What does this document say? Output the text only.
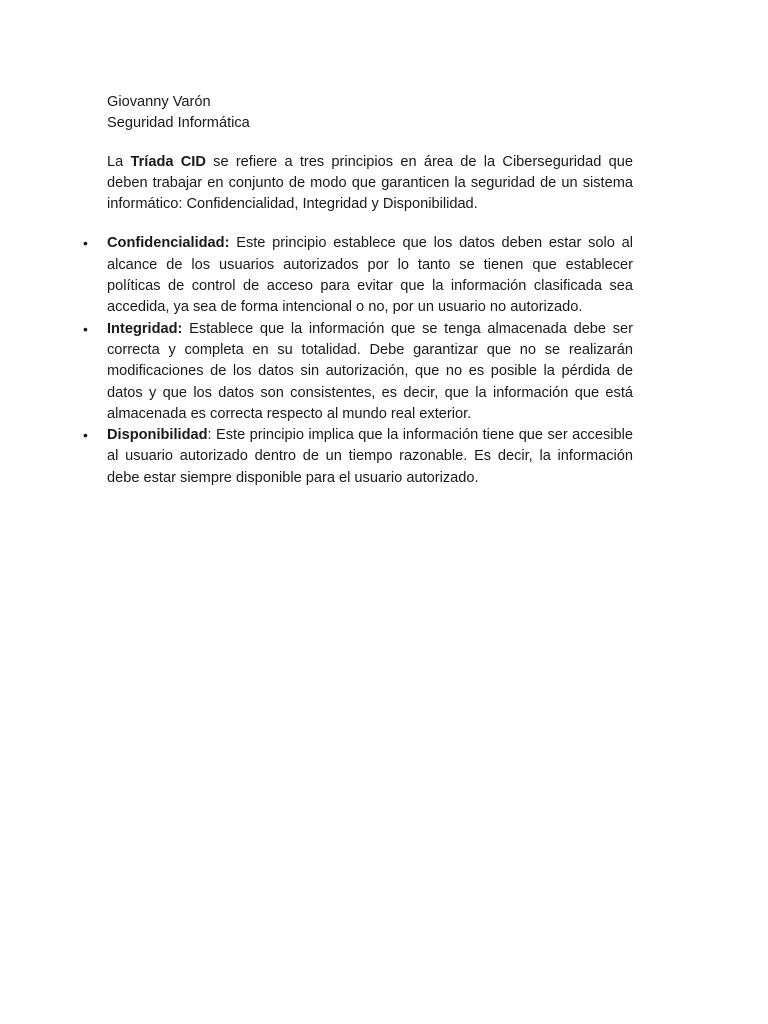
Giovanny Varón

Seguridad Informática

La Tríada CID se refiere a tres principios en área de la Ciberseguridad que deben trabajar en conjunto de modo que garanticen la seguridad de un sistema informático: Confidencialidad, Integridad y Disponibilidad.

• Confidencialidad: Este principio establece que los datos deben estar solo al alcance de los usuarios autorizados por lo tanto se tienen que establecer políticas de control de acceso para evitar que la información clasificada sea accedida, ya sea de forma intencional o no, por un usuario no autorizado.
• Integridad: Establece que la información que se tenga almacenada debe ser correcta y completa en su totalidad. Debe garantizar que no se realizarán modificaciones de los datos sin autorización, que no es posible la pérdida de datos y que los datos son consistentes, es decir, que la información que está almacenada es correcta respecto al mundo real exterior.
• Disponibilidad: Este principio implica que la información tiene que ser accesible al usuario autorizado dentro de un tiempo razonable. Es decir, la información debe estar siempre disponible para el usuario autorizado.
